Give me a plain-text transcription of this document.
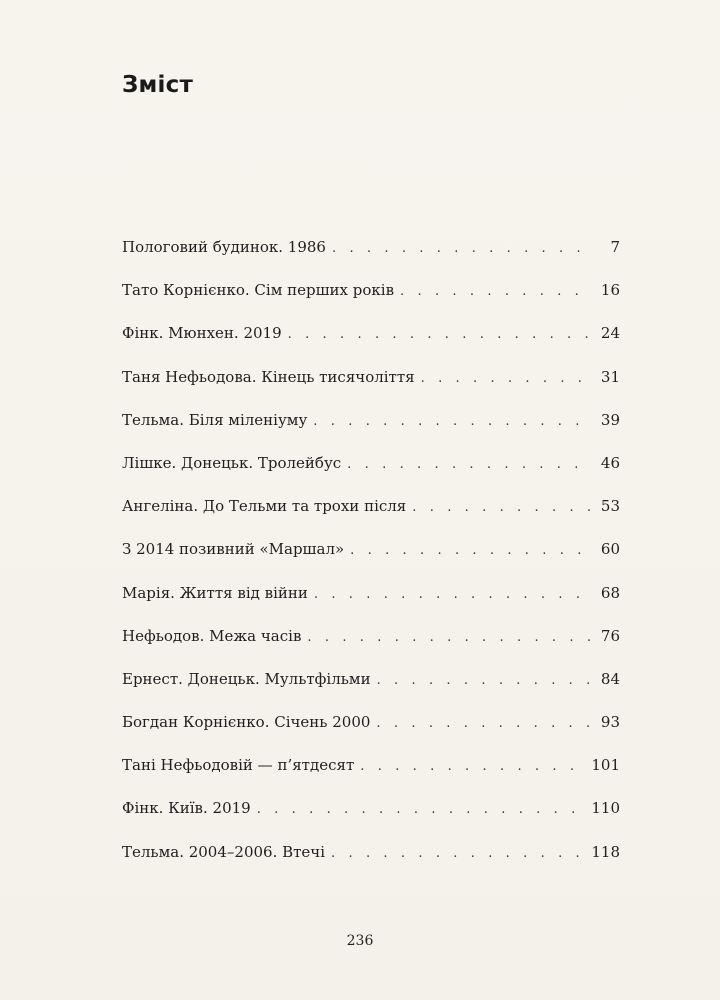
Зміст
Пологовий будинок. 1986 . . .	7
Тато Корнієнко. Сім перших років . . .	16
Фінк. Мюнхен. 2019 . . .	24
Таня Нефьодова. Кінець тисячоліття . . .	31
Тельма. Біля міленіуму . . .	39
Лішке. Донецьк. Тролейбус . . .	46
Ангеліна. До Тельми та трохи після . . .	53
З 2014 позивний «Маршал» . . .	60
Марія. Життя від війни . . .	68
Нефьодов. Межа часів . . .	76
Ернест. Донецьк. Мультфільми . . .	84
Богдан Корнієнко. Січень 2000 . . .	93
Тані Нефьодовій — п’ятдесят . . .	101
Фінк. Київ. 2019 . . .	110
Тельма. 2004–2006. Втечі . . .	118
236
